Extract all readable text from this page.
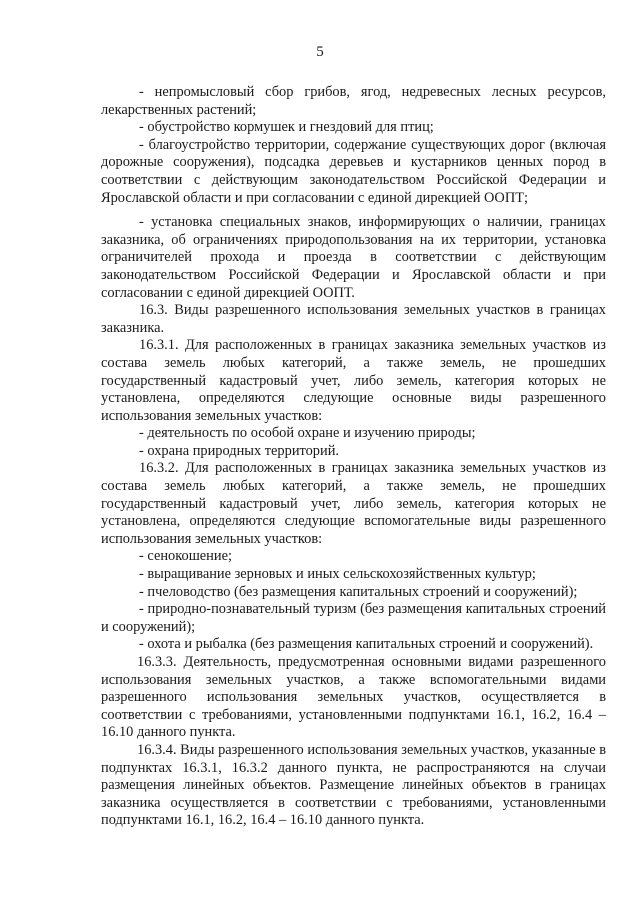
5

- непромысловый сбор грибов, ягод, недревесных лесных ресурсов, лекарственных растений;

- обустройство кормушек и гнездовий для птиц;

- благоустройство территории, содержание существующих дорог (включая дорожные сооружения), подсадка деревьев и кустарников ценных пород в соответствии с действующим законодательством Российской Федерации и Ярославской области и при согласовании с единой дирекцией ООПТ;

- установка специальных знаков, информирующих о наличии, границах заказника, об ограничениях природопользования на их территории, установка ограничителей прохода и проезда в соответствии с действующим законодательством Российской Федерации и Ярославской области и при согласовании с единой дирекцией ООПТ.

16.3. Виды разрешенного использования земельных участков в границах заказника.

16.3.1. Для расположенных в границах заказника земельных участков из состава земель любых категорий, а также земель, не прошедших государственный кадастровый учет, либо земель, категория которых не установлена, определяются следующие основные виды разрешенного использования земельных участков:

- деятельность по особой охране и изучению природы;

- охрана природных территорий.

16.3.2. Для расположенных в границах заказника земельных участков из состава земель любых категорий, а также земель, не прошедших государственный кадастровый учет, либо земель, категория которых не установлена, определяются следующие вспомогательные виды разрешенного использования земельных участков:

- сенокошение;

- выращивание зерновых и иных сельскохозяйственных культур;

- пчеловодство (без размещения капитальных строений и сооружений);

- природно-познавательный туризм (без размещения капитальных строений и сооружений);

- охота и рыбалка (без размещения капитальных строений и сооружений).

16.3.3. Деятельность, предусмотренная основными видами разрешенного использования земельных участков, а также вспомогательными видами разрешенного использования земельных участков, осуществляется в соответствии с требованиями, установленными подпунктами 16.1, 16.2, 16.4 – 16.10 данного пункта.

16.3.4. Виды разрешенного использования земельных участков, указанные в подпунктах 16.3.1, 16.3.2 данного пункта, не распространяются на случаи размещения линейных объектов. Размещение линейных объектов в границах заказника осуществляется в соответствии с требованиями, установленными подпунктами 16.1, 16.2, 16.4 – 16.10 данного пункта.
